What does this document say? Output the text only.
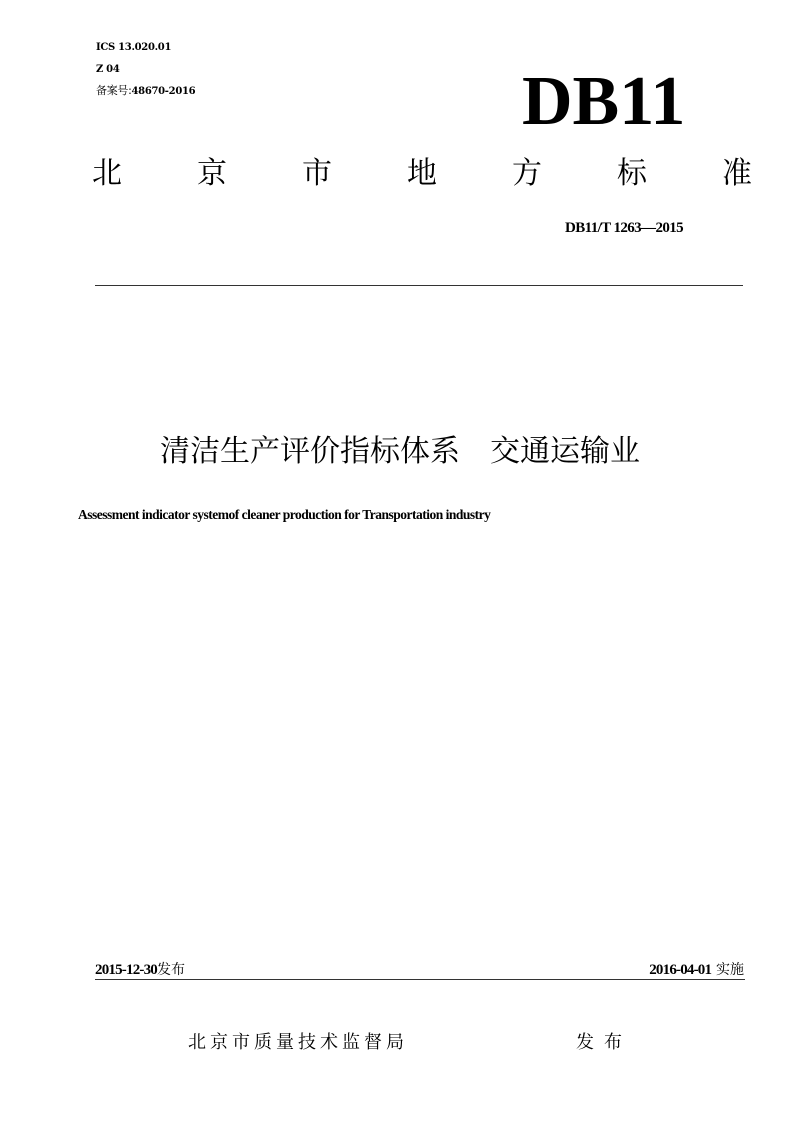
ICS 13.020.01
Z 04
备案号:48670-2016	DB11
北	京	市	地	方	标	准
DB11/T 1263—2015
清洁生产评价指标体系 交通运输业
Assessment indicator systemof cleaner production for Transportation industry
2015-12-30发布	2016-04-01 实施
北京市质量技术监督局	发布
